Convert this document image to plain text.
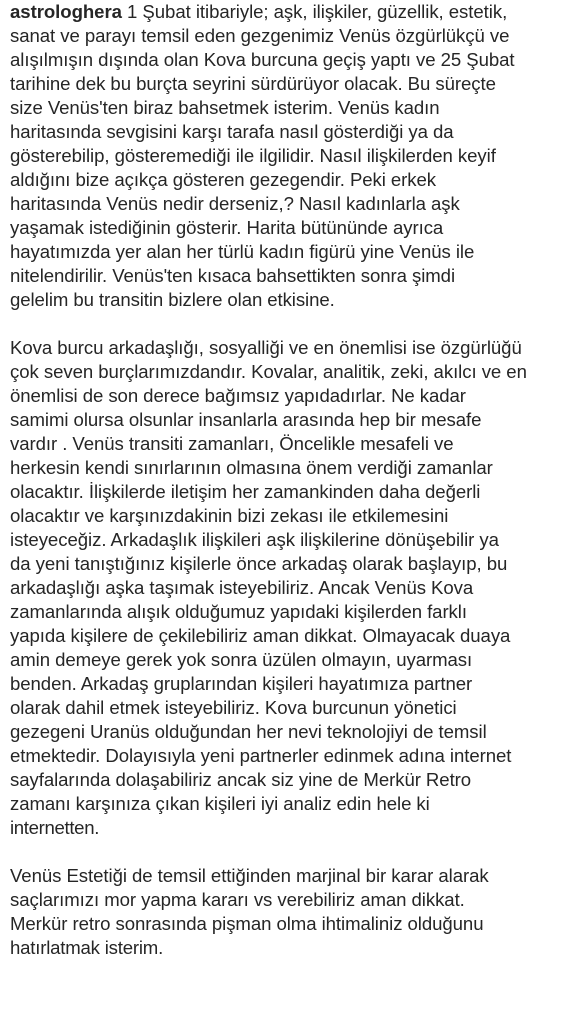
astrologhera 1 Şubat itibariyle; aşk, ilişkiler, güzellik, estetik,
sanat ve parayı temsil eden gezgenimiz Venüs özgürlükçü ve
alışılmışın dışında olan Kova burcuna geçiş yaptı ve 25 Şubat
tarihine dek bu burçta seyrini sürdürüyor olacak. Bu süreçte
size Venüs'ten biraz bahsetmek isterim. Venüs kadın
haritasında sevgisini karşı tarafa nasıl gösterdiği ya da
gösterebilip, gösteremediği ile ilgilidir. Nasıl ilişkilerden keyif
aldığını bize açıkça gösteren gezegendir. Peki erkek
haritasında Venüs nedir derseniz,? Nasıl kadınlarla aşk
yaşamak istediğinin gösterir. Harita bütününde ayrıca
hayatımızda yer alan her türlü kadın figürü yine Venüs ile
nitelendirilir. Venüs'ten kısaca bahsettikten sonra şimdi
gelelim bu transitin bizlere olan etkisine.
Kova burcu arkadaşlığı, sosyalliği ve en önemlisi ise özgürlüğü
çok seven burçlarımızdandır. Kovalar, analitik, zeki, akılcı ve en
önemlisi de son derece bağımsız yapıdadırlar. Ne kadar
samimi olursa olsunlar insanlarla arasında hep bir mesafe
vardır . Venüs transiti zamanları, Öncelikle mesafeli ve
herkesin kendi sınırlarının olmasına önem verdiği zamanlar
olacaktır. İlişkilerde iletişim her zamankinden daha değerli
olacaktır ve karşınızdakinin bizi zekası ile etkilemesini
isteyeceğiz. Arkadaşlık ilişkileri aşk ilişkilerine dönüşebilir ya
da yeni tanıştığınız kişilerle önce arkadaş olarak başlayıp, bu
arkadaşlığı aşka taşımak isteyebiliriz. Ancak Venüs Kova
zamanlarında alışık olduğumuz yapıdaki kişilerden farklı
yapıda kişilere de çekilebiliriz aman dikkat. Olmayacak duaya
amin demeye gerek yok sonra üzülen olmayın, uyarması
benden. Arkadaş gruplarından kişileri hayatımıza partner
olarak dahil etmek isteyebiliriz. Kova burcunun yönetici
gezegeni Uranüs olduğundan her nevi teknolojiyi de temsil
etmektedir. Dolayısıyla yeni partnerler edinmek adına internet
sayfalarında dolaşabiliriz ancak siz yine de Merkür Retro
zamanı karşınıza çıkan kişileri iyi analiz edin hele ki
internetten.
Venüs Estetiği de temsil ettiğinden marjinal bir karar alarak
saçlarımızı mor yapma kararı vs verebiliriz aman dikkat.
Merkür retro sonrasında pişman olma ihtimaliniz olduğunu
hatırlatmak isterim.
